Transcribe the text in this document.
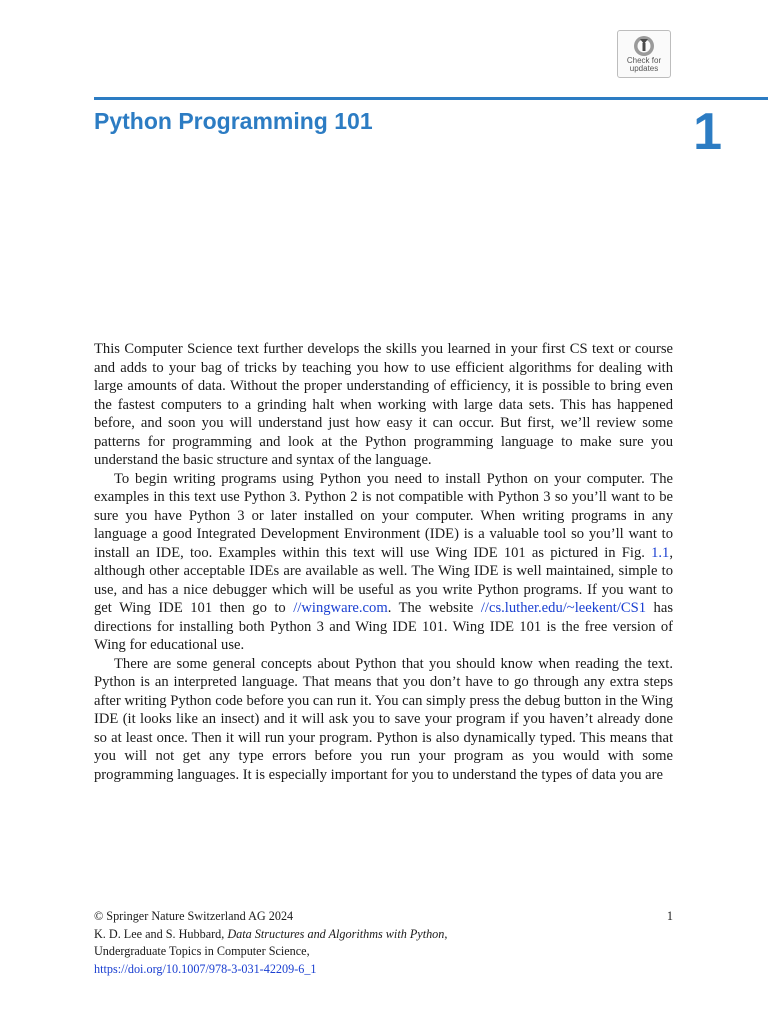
Check for
updates
Python Programming 101	1

This Computer Science text further develops the skills you learned in your first CS text or course and adds to your bag of tricks by teaching you how to use efficient algorithms for dealing with large amounts of data. Without the proper understanding of efficiency, it is possible to bring even the fastest computers to a grinding halt when working with large data sets. This has happened before, and soon you will understand just how easy it can occur. But first, we’ll review some patterns for programming and look at the Python programming language to make sure you understand the basic structure and syntax of the language.

To begin writing programs using Python you need to install Python on your computer. The examples in this text use Python 3. Python 2 is not compatible with Python 3 so you’ll want to be sure you have Python 3 or later installed on your computer. When writing programs in any language a good Integrated Development Environment (IDE) is a valuable tool so you’ll want to install an IDE, too. Examples within this text will use Wing IDE 101 as pictured in Fig. 1.1, although other acceptable IDEs are available as well. The Wing IDE is well maintained, simple to use, and has a nice debugger which will be useful as you write Python programs. If you want to get Wing IDE 101 then go to //wingware.com. The website //cs.luther.edu/~leekent/CS1 has directions for installing both Python 3 and Wing IDE 101. Wing IDE 101 is the free version of Wing for educational use.

There are some general concepts about Python that you should know when reading the text. Python is an interpreted language. That means that you don’t have to go through any extra steps after writing Python code before you can run it. You can simply press the debug button in the Wing IDE (it looks like an insect) and it will ask you to save your program if you haven’t already done so at least once. Then it will run your program. Python is also dynamically typed. This means that you will not get any type errors before you run your program as you would with some programming languages. It is especially important for you to understand the types of data you are

© Springer Nature Switzerland AG 2024
K. D. Lee and S. Hubbard, Data Structures and Algorithms with Python,
Undergraduate Topics in Computer Science,
https://doi.org/10.1007/978-3-031-42209-6_1
1
